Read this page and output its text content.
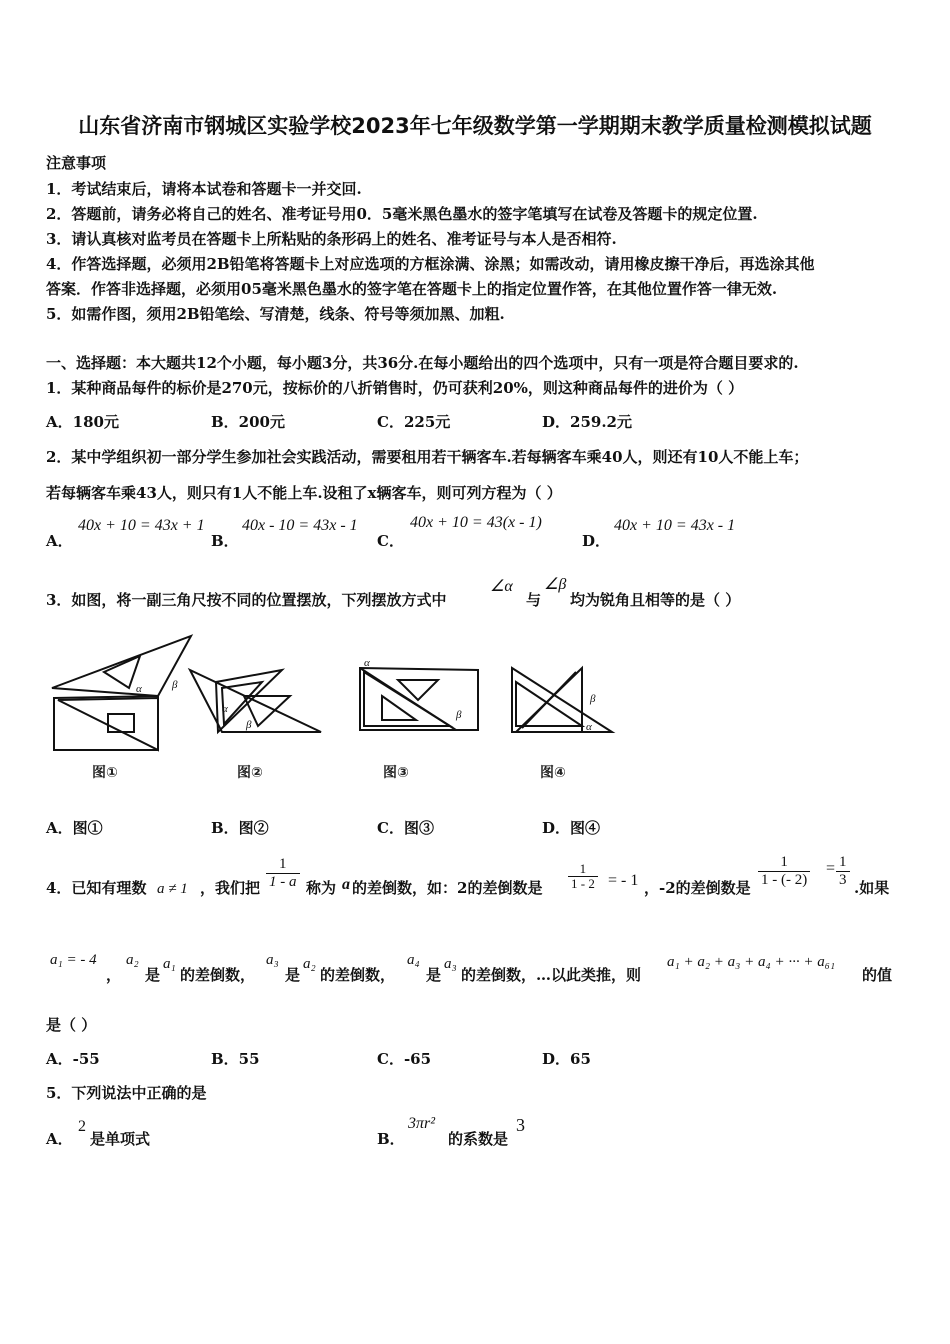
山东省济南市钢城区实验学校2023年七年级数学第一学期期末教学质量检测模拟试题
注意事项
1．考试结束后，请将本试卷和答题卡一并交回.
2．答题前，请务必将自己的姓名、准考证号用0．5毫米黑色墨水的签字笔填写在试卷及答题卡的规定位置.
3．请认真核对监考员在答题卡上所粘贴的条形码上的姓名、准考证号与本人是否相符.
4．作答选择题，必须用2B铅笔将答题卡上对应选项的方框涂满、涂黑；如需改动，请用橡皮擦干净后，再选涂其他
答案．作答非选择题，必须用05毫米黑色墨水的签字笔在答题卡上的指定位置作答，在其他位置作答一律无效.
5．如需作图，须用2B铅笔绘、写清楚，线条、符号等须加黑、加粗.
一、选择题：本大题共12个小题，每小题3分，共36分.在每小题给出的四个选项中，只有一项是符合题目要求的.
1．某种商品每件的标价是270元，按标价的八折销售时，仍可获利20%，则这种商品每件的进价为（ ）
A．180元	B．200元	C．225元	D．259.2元
2．某中学组织初一部分学生参加社会实践活动，需要租用若干辆客车.若每辆客车乘40人，则还有10人不能上车；
若每辆客车乘43人，则只有1人不能上车.设租了x辆客车，则可列方程为（ ）
A．
40x + 10 = 43x + 1
B．
40x - 10 = 43x - 1
C．
40x + 10 = 43(x - 1)
D．
40x + 10 = 43x - 1
3．如图，将一副三角尺按不同的位置摆放，下列摆放方式中
∠α
与
∠β
均为锐角且相等的是（ ）
α	β
α
β
α
β
β
α
图①	图②	图③	图④
A．图①	B．图②	C．图③	D．图④
4．已知有理数 a ≠ 1 ，我们把 $\frac{1}{1 - a}$ 称为 a 的差倒数，如：2的差倒数是 $\frac{1}{1 - 2}$ = - 1 ，-2的差倒数是 $\frac{1}{1 - (- 2)} = \frac{1}{3}$ .如果
a₁ = - 4
，
a₂
是
a₁
的差倒数，
a₃
是
a₂
的差倒数，
a₄
是
a₃
的差倒数，…以此类推，则
a₁ + a₂ + a₃ + a₄ + ··· + a₆₁
的值
是（ ）
A．-55	B．55	C．-65	D．65
5．下列说法中正确的是
A．
2
是单项式	B．
3πr²
的系数是
3
